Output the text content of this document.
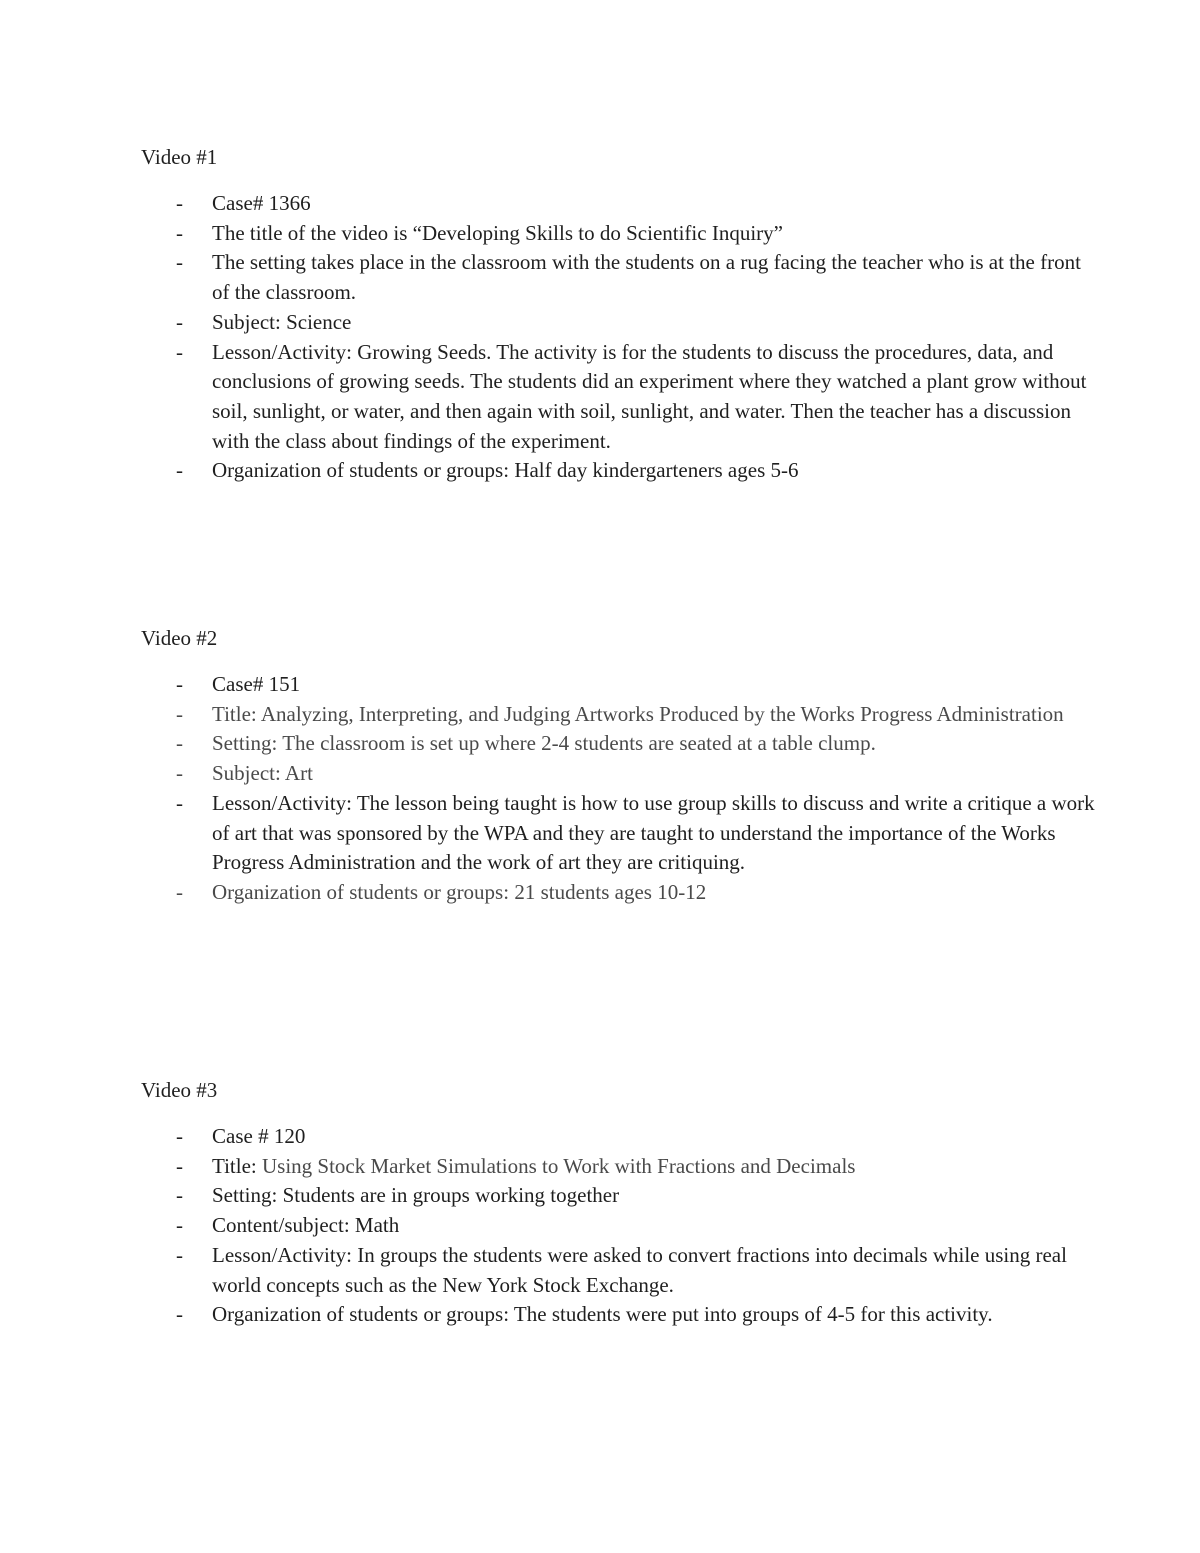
Video #1

- Case# 1366
- The title of the video is “Developing Skills to do Scientific Inquiry”
- The setting takes place in the classroom with the students on a rug facing the teacher who is at the front of the classroom.
- Subject: Science
- Lesson/Activity: Growing Seeds. The activity is for the students to discuss the procedures, data, and conclusions of growing seeds. The students did an experiment where they watched a plant grow without soil, sunlight, or water, and then again with soil, sunlight, and water. Then the teacher has a discussion with the class about findings of the experiment.
- Organization of students or groups: Half day kindergarteners ages 5-6

Video #2

- Case# 151
- Title: Analyzing, Interpreting, and Judging Artworks Produced by the Works Progress Administration
- Setting: The classroom is set up where 2-4 students are seated at a table clump.
- Subject: Art
- Lesson/Activity: The lesson being taught is how to use group skills to discuss and write a critique a work of art that was sponsored by the WPA and they are taught to understand the importance of the Works Progress Administration and the work of art they are critiquing.
- Organization of students or groups: 21 students ages 10-12

Video #3

- Case # 120
- Title: Using Stock Market Simulations to Work with Fractions and Decimals
- Setting: Students are in groups working together
- Content/subject: Math
- Lesson/Activity: In groups the students were asked to convert fractions into decimals while using real world concepts such as the New York Stock Exchange.
- Organization of students or groups: The students were put into groups of 4-5 for this activity.
